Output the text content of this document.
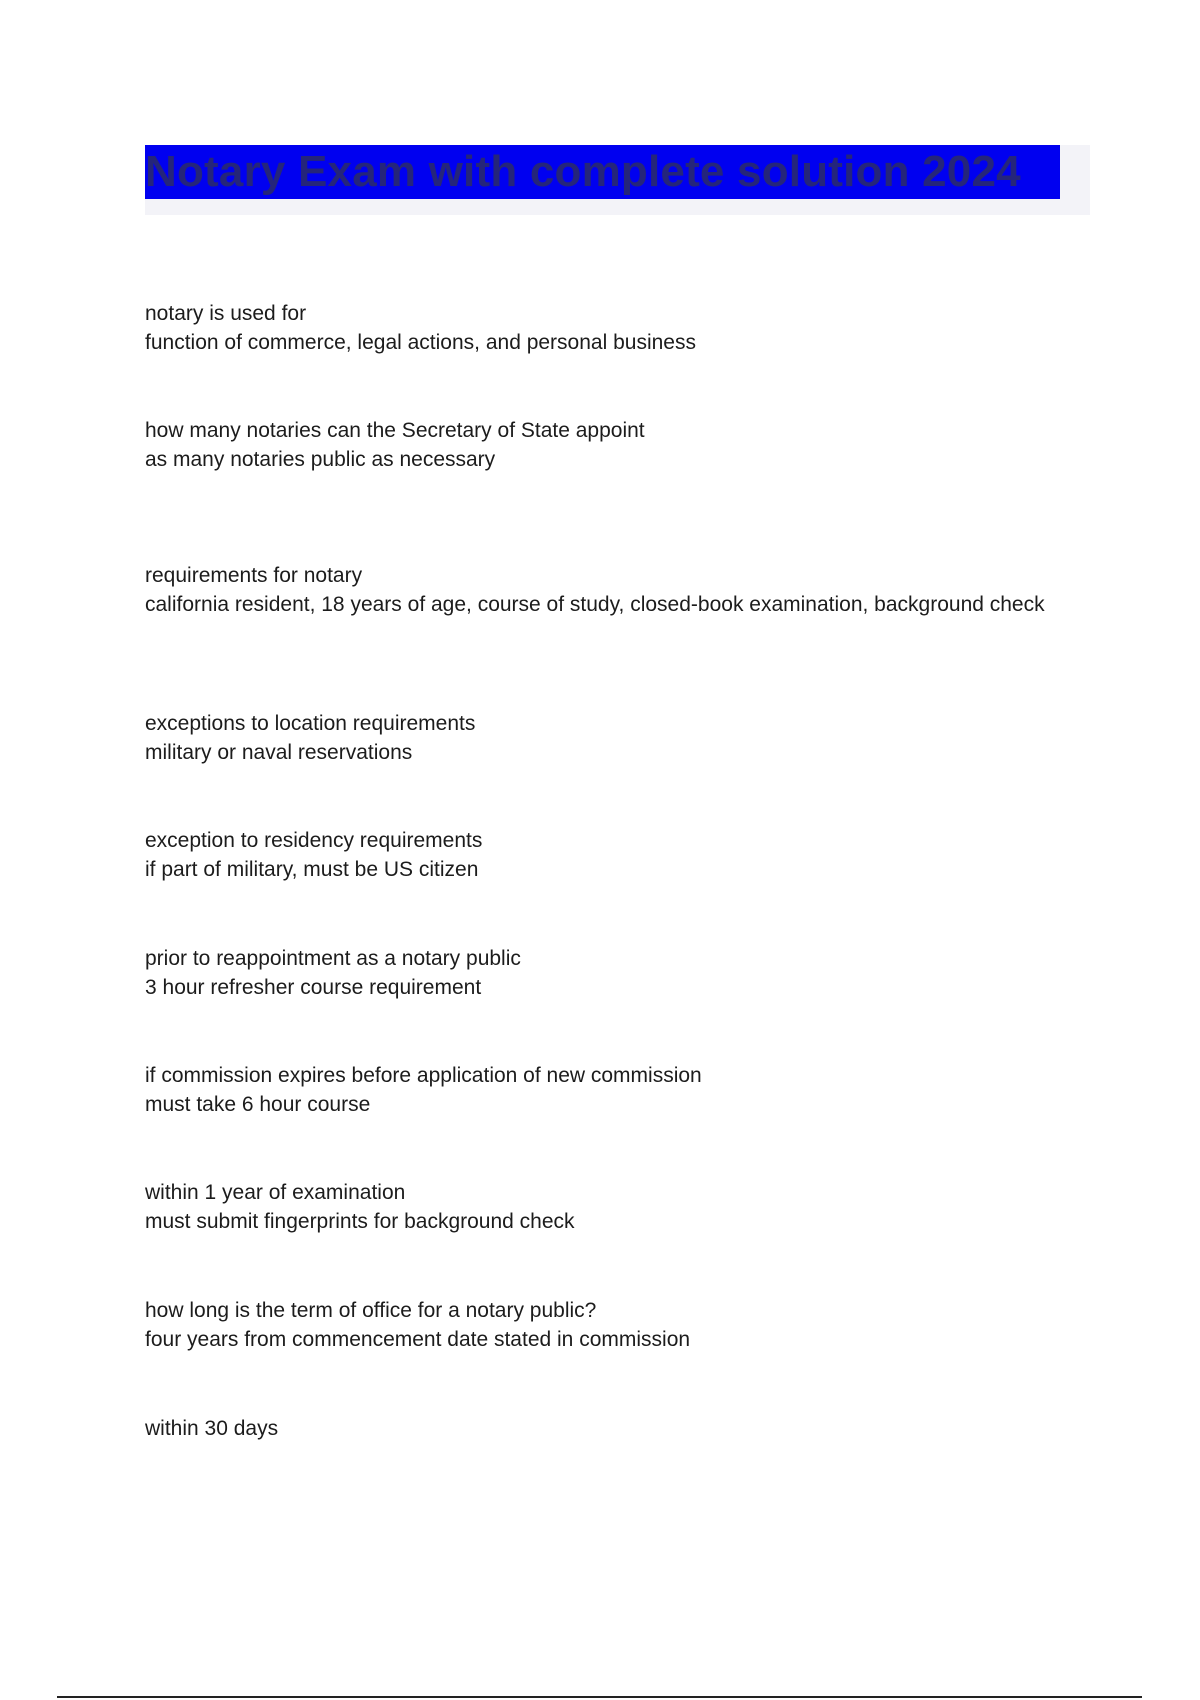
Notary Exam with complete solution 2024
notary is used for
function of commerce, legal actions, and personal business
how many notaries can the Secretary of State appoint
as many notaries public as necessary
requirements for notary
california resident, 18 years of age, course of study, closed-book examination, background check
exceptions to location requirements
military or naval reservations
exception to residency requirements
if part of military, must be US citizen
prior to reappointment as a notary public
3 hour refresher course requirement
if commission expires before application of new commission
must take 6 hour course
within 1 year of examination
must submit fingerprints for background check
how long is the term of office for a notary public?
four years from commencement date stated in commission
within 30 days
